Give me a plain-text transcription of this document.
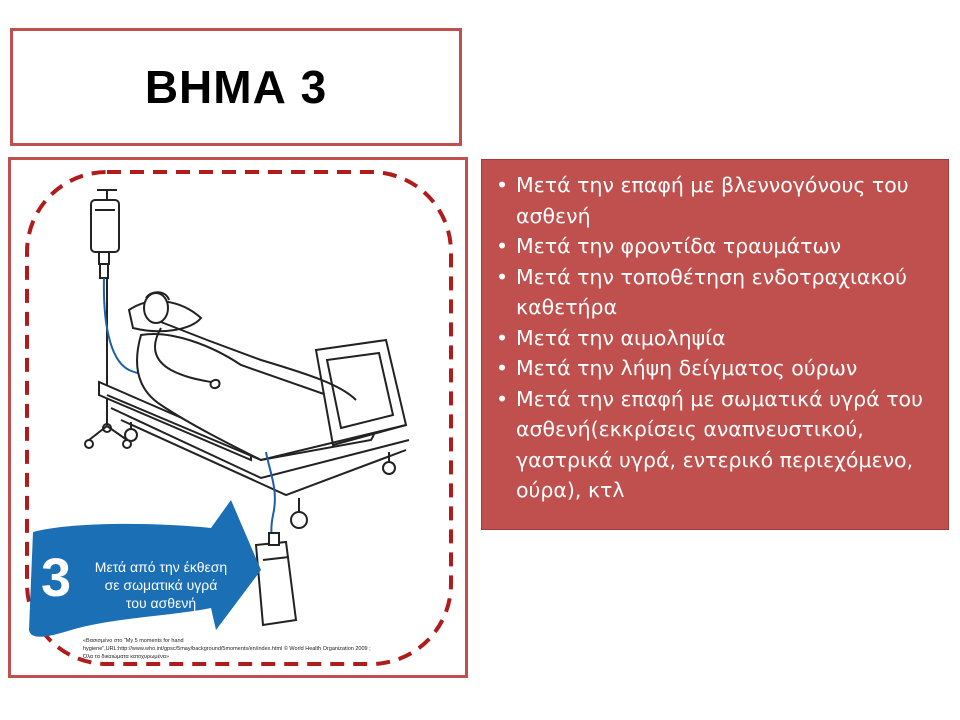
ΒΗΜΑ 3
3 Μετά από την έκθεση
σε σωματικά υγρά
του ασθενή
«Βασισμένο στο “My 5 moments for hand
hygiene”,URL:http://www.who.int/gpsc/5may/background/5moments/en/index.html © World Health Organization 2009 ;
Όλα τα δικαιώματα κατοχυρωμένα»
• Μετά την επαφή με βλεννογόνους του ασθενή
• Μετά την φροντίδα τραυμάτων
• Μετά την τοποθέτηση ενδοτραχιακού καθετήρα
• Μετά την αιμοληψία
• Μετά την λήψη δείγματος ούρων
• Μετά την επαφή με σωματικά υγρά του ασθενή(εκκρίσεις αναπνευστικού, γαστρικά υγρά, εντερικό περιεχόμενο, ούρα), κτλ
